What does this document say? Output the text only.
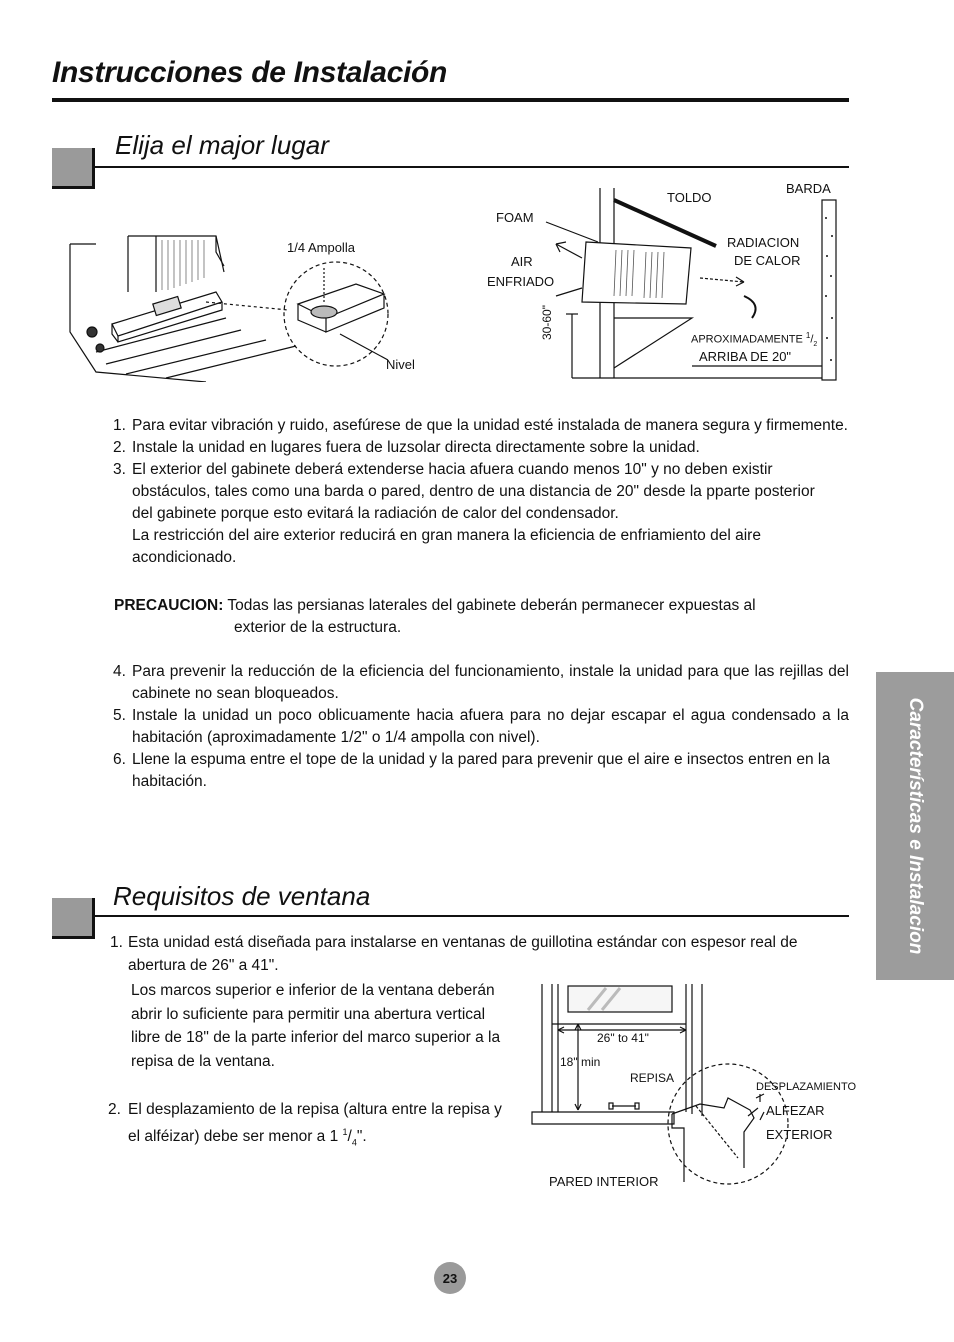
Instrucciones de Instalación
Elija el major lugar
1/4 Ampolla
Nivel
FOAM
AIR
ENFRIADO
TOLDO
BARDA
RADIACION
DE CALOR
30-60"	APROXIMADAMENTE $^1/_2$
ARRIBA DE 20"
1. Para evitar vibración y ruido, asefúrese de que la unidad esté instalada de manera segura y firmemente.

2. Instale la unidad en lugares fuera de luzsolar directa directamente sobre la unidad.

3. El exterior del gabinete deberá extenderse hacia afuera cuando menos 10" y no deben existir obstáculos, tales como una barda o pared, dentro de una distancia de 20" desde la pparte posterior del gabinete porque esto evitará la radiación de calor del condensador.

La restricción del aire exterior reducirá en gran manera la eficiencia de enfriamiento del aire acondicionado.

PRECAUCION: Todas las persianas laterales del gabinete deberán permanecer expuestas al
exterior de la estructura.
4. Para prevenir la reducción de la eficiencia del funcionamiento, instale la unidad para que las rejillas del cabinete no sean bloqueados.

5. Instale la unidad un poco oblicuamente hacia afuera para no dejar escapar el agua condensado a la habitación (aproximadamente 1/2" o 1/4 ampolla con nivel).

6. Llene la espuma entre el tope de la unidad y la pared para prevenir que el aire e insectos entren en la habitación.	Características e Instalacion
Requisitos de ventana
1. Esta unidad está diseñada para instalarse en ventanas de guillotina estándar con espesor real de
abertura de 26" a 41".
Los marcos superior e inferior de la ventana deberán abrir lo suficiente para permitir una abertura vertical libre de 18" de la parte inferior del marco superior a la repisa de la ventana.
2. El desplazamiento de la repisa (altura entre la repisa y el alféizar) debe ser menor a 1 $^1/_4$".
26" to 41"
18" min
REPISA
DESPLAZAMIENTO
ALFEZAR
EXTERIOR
PARED INTERIOR
23
